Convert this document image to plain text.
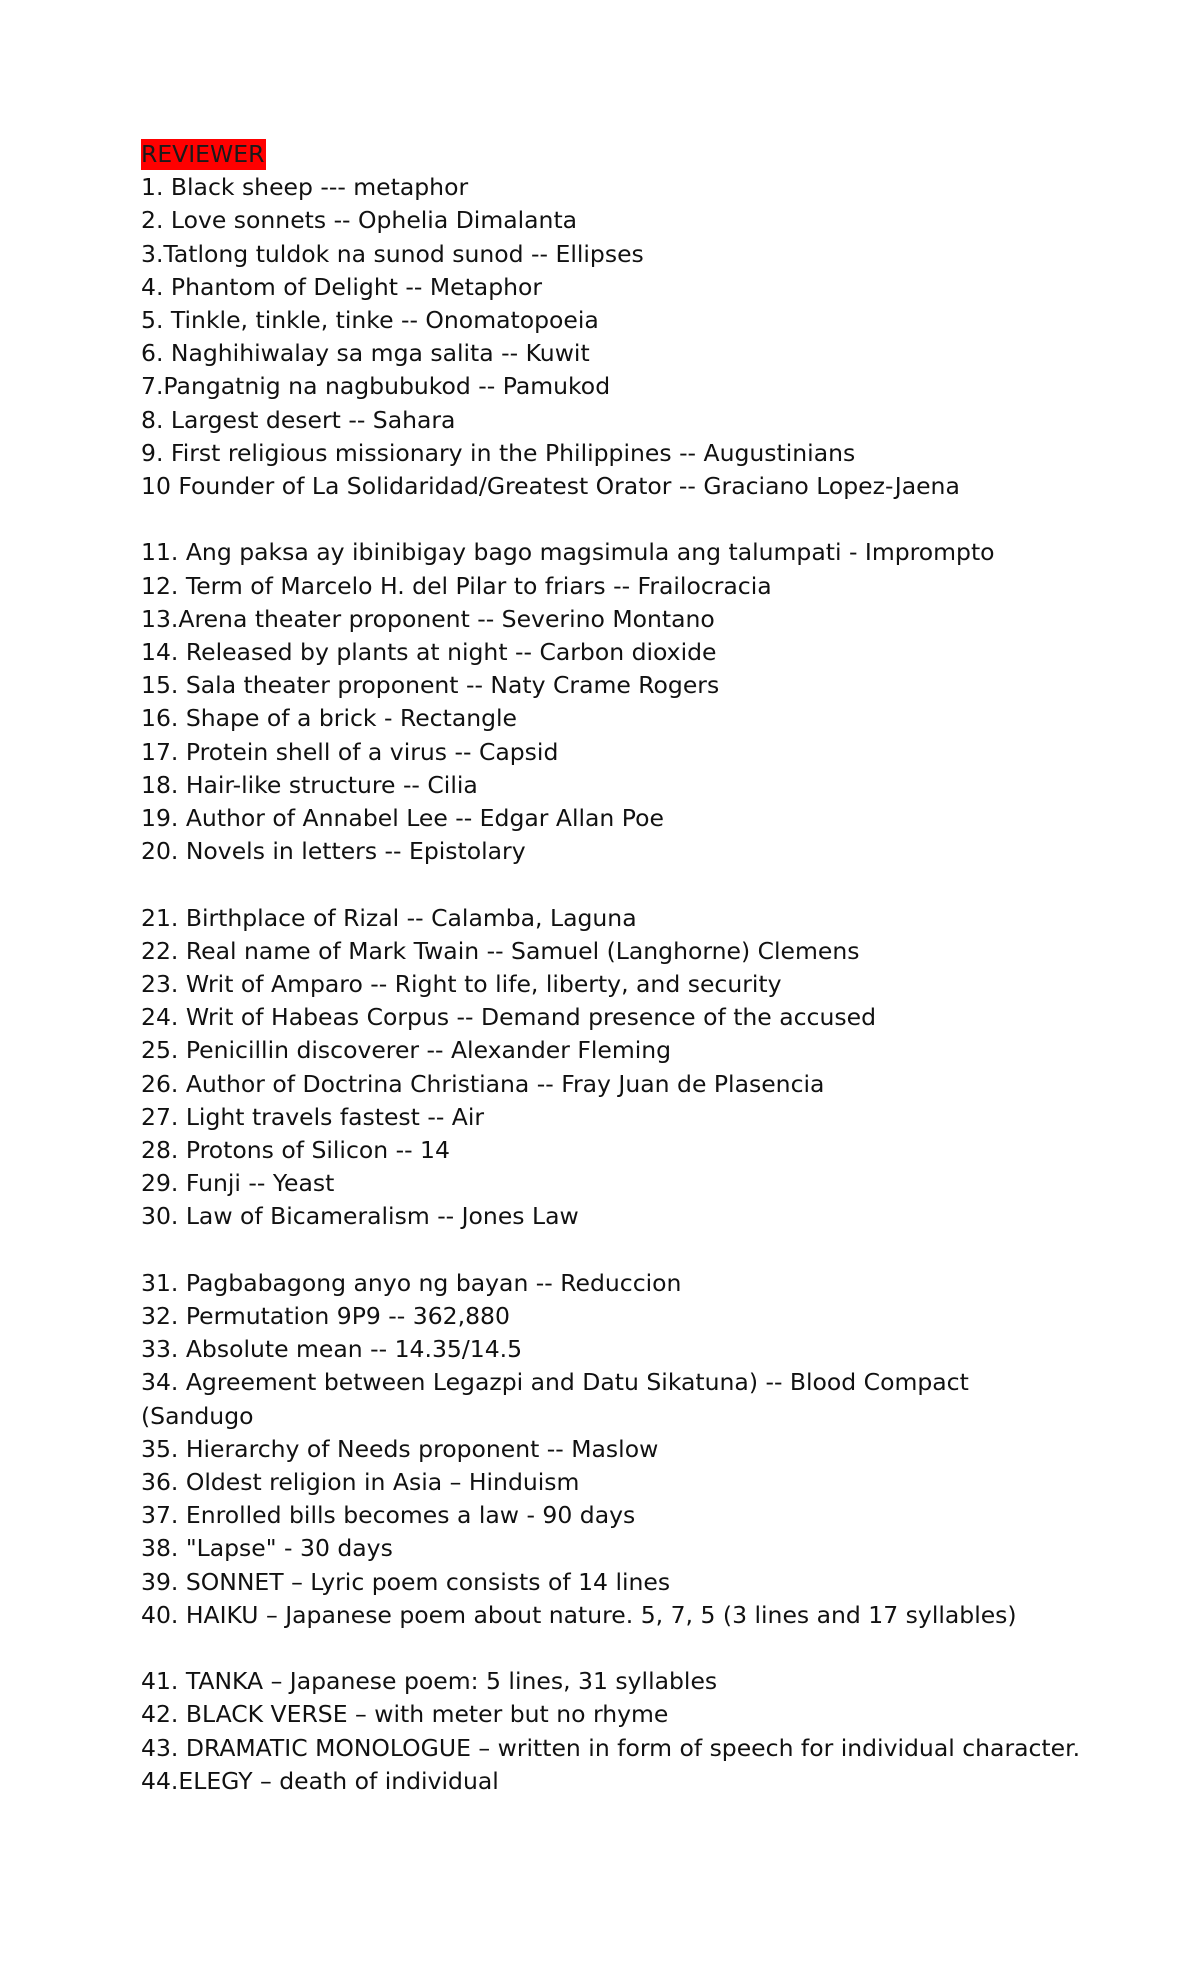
REVIEWER
1. Black sheep --- metaphor
2. Love sonnets -- Ophelia Dimalanta
3.Tatlong tuldok na sunod sunod -- Ellipses
4. Phantom of Delight -- Metaphor
5. Tinkle, tinkle, tinke -- Onomatopoeia
6. Naghihiwalay sa mga salita -- Kuwit
7.Pangatnig na nagbubukod -- Pamukod
8. Largest desert -- Sahara
9. First religious missionary in the Philippines -- Augustinians
10 Founder of La Solidaridad/Greatest Orator -- Graciano Lopez-Jaena
11. Ang paksa ay ibinibigay bago magsimula ang talumpati - Imprompto
12. Term of Marcelo H. del Pilar to friars -- Frailocracia
13.Arena theater proponent -- Severino Montano
14. Released by plants at night -- Carbon dioxide
15. Sala theater proponent -- Naty Crame Rogers
16. Shape of a brick - Rectangle
17. Protein shell of a virus -- Capsid
18. Hair-like structure -- Cilia
19. Author of Annabel Lee -- Edgar Allan Poe
20. Novels in letters -- Epistolary
21. Birthplace of Rizal -- Calamba, Laguna
22. Real name of Mark Twain -- Samuel (Langhorne) Clemens
23. Writ of Amparo -- Right to life, liberty, and security
24. Writ of Habeas Corpus -- Demand presence of the accused
25. Penicillin discoverer -- Alexander Fleming
26. Author of Doctrina Christiana -- Fray Juan de Plasencia
27. Light travels fastest -- Air
28. Protons of Silicon -- 14
29. Funji -- Yeast
30. Law of Bicameralism -- Jones Law
31. Pagbabagong anyo ng bayan -- Reduccion
32. Permutation 9P9 -- 362,880
33. Absolute mean -- 14.35/14.5
34. Agreement between Legazpi and Datu Sikatuna) -- Blood Compact (Sandugo
35. Hierarchy of Needs proponent -- Maslow
36. Oldest religion in Asia – Hinduism
37. Enrolled bills becomes a law - 90 days
38. "Lapse" - 30 days
39. SONNET – Lyric poem consists of 14 lines
40. HAIKU – Japanese poem about nature. 5, 7, 5 (3 lines and 17 syllables)
41. TANKA – Japanese poem: 5 lines, 31 syllables
42. BLACK VERSE – with meter but no rhyme
43. DRAMATIC MONOLOGUE – written in form of speech for individual character.
44.ELEGY – death of individual
